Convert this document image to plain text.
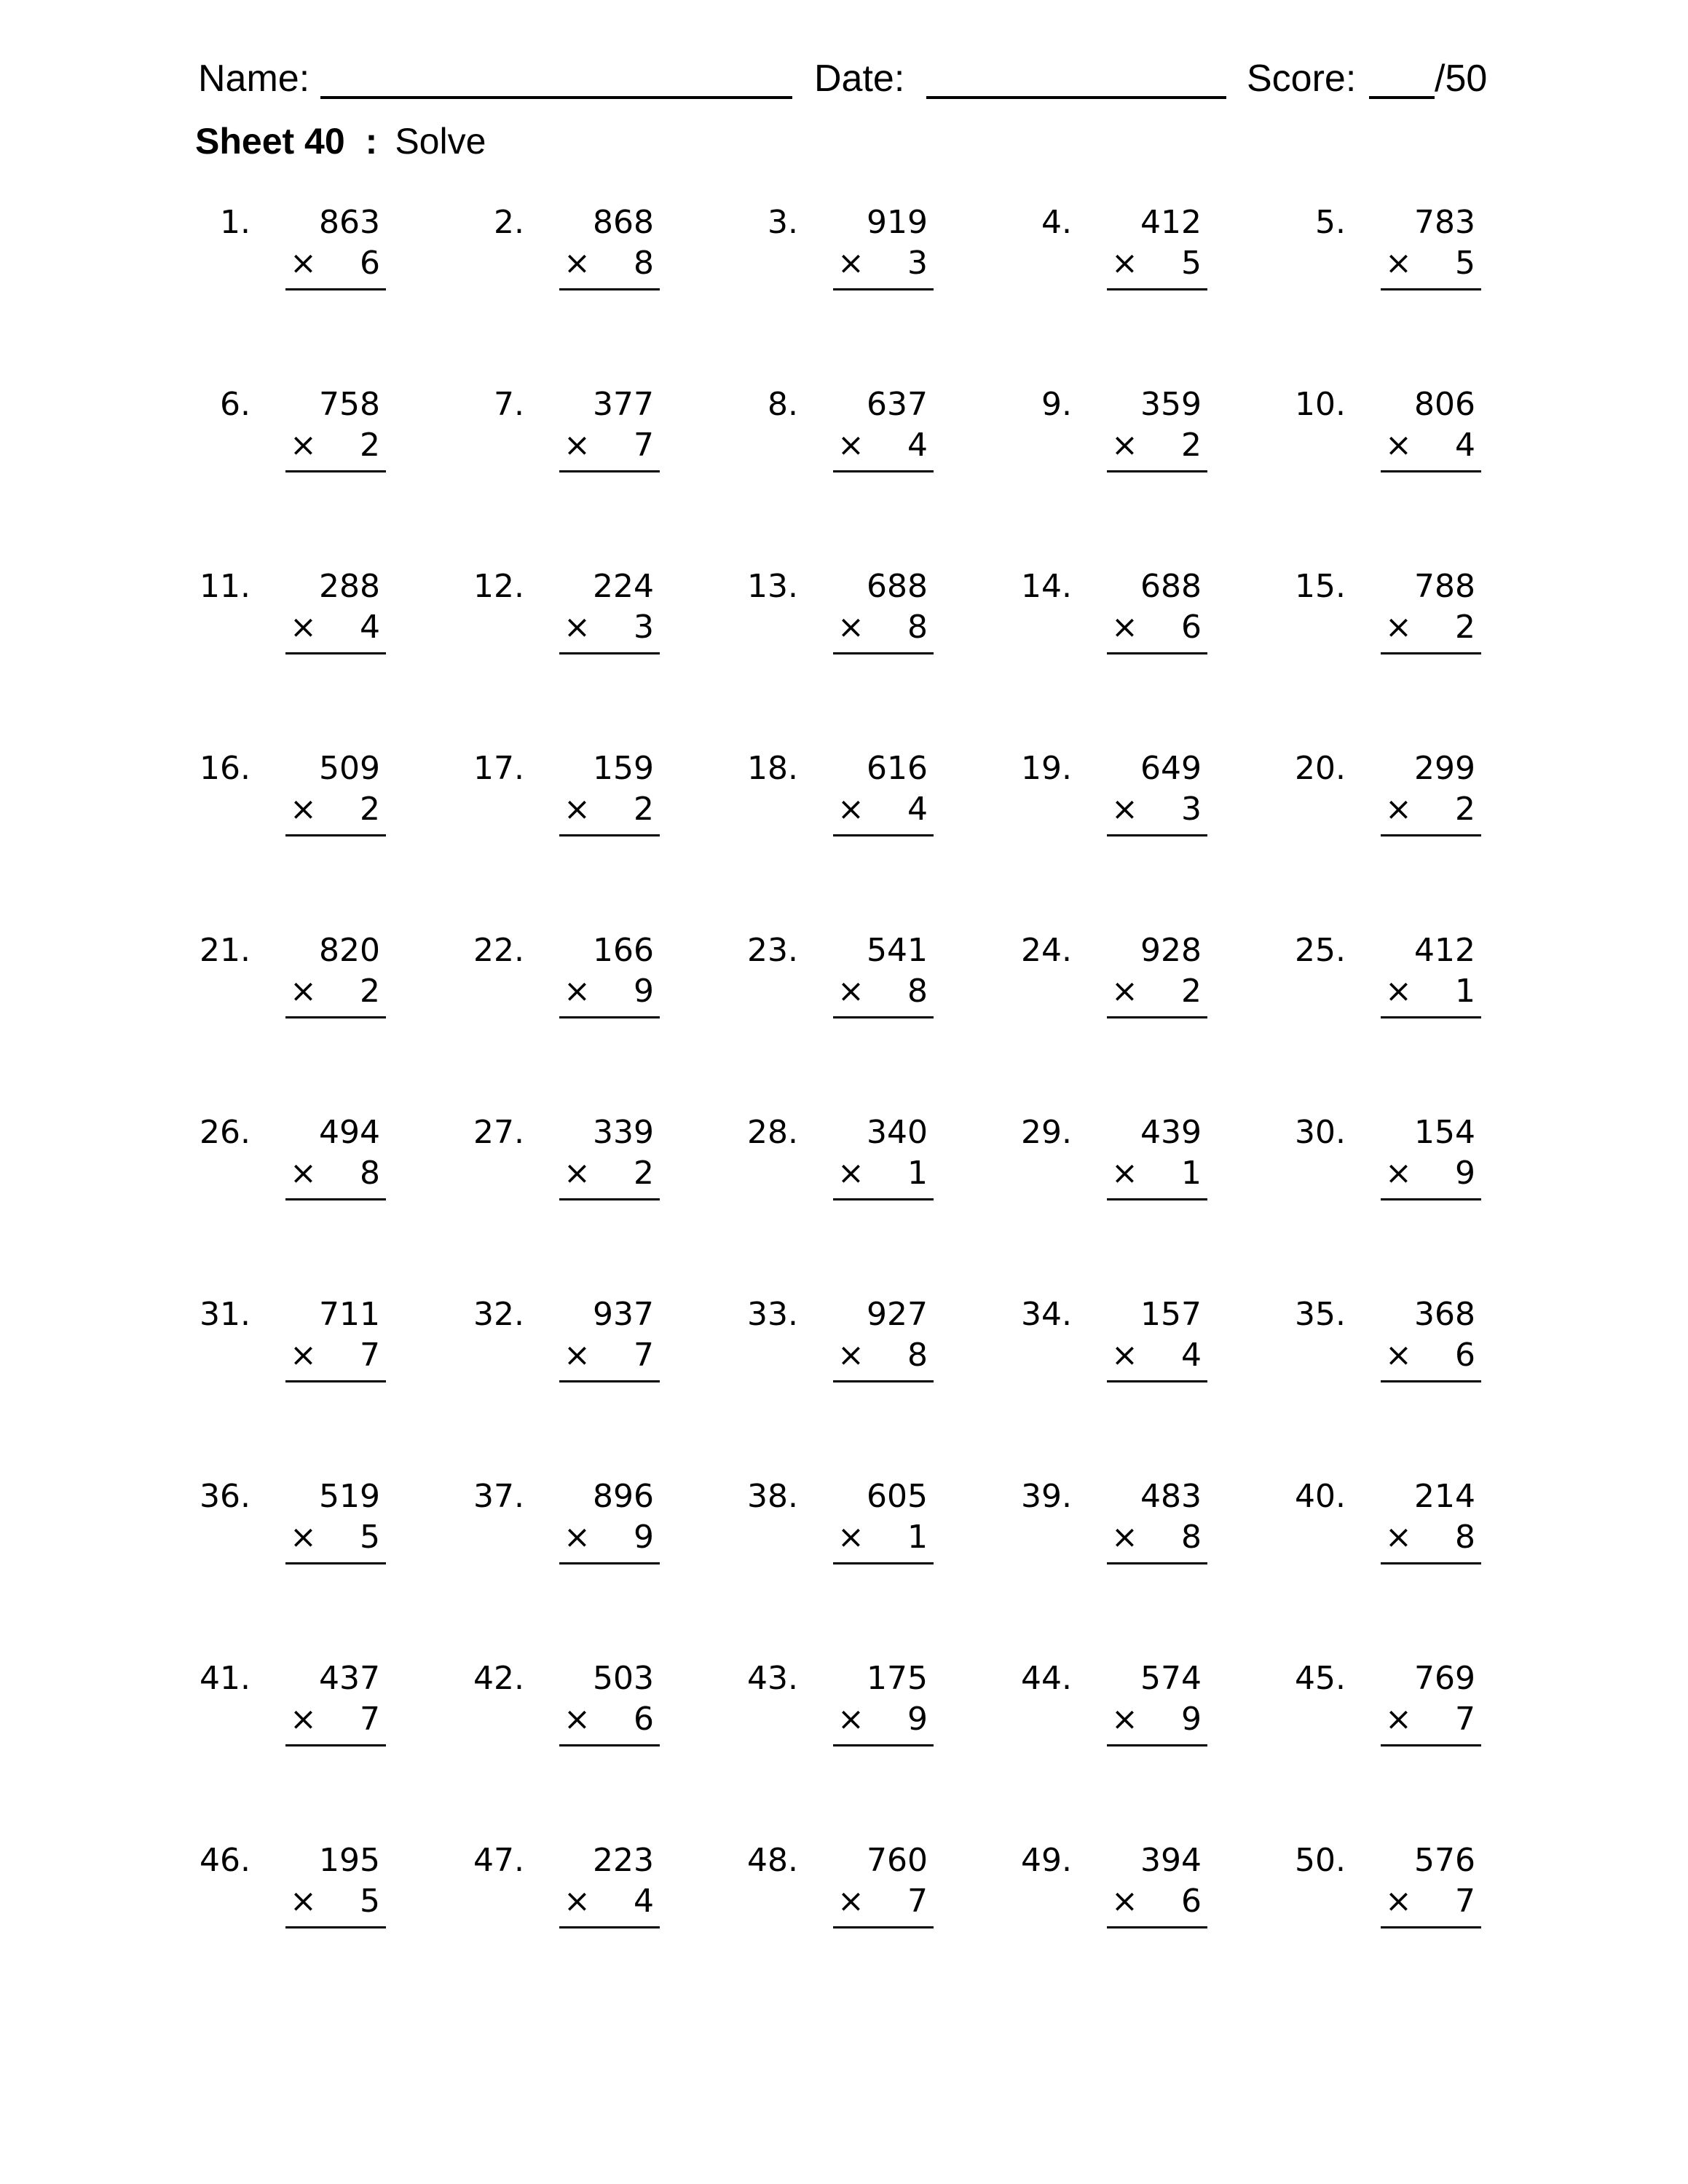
Name:	Date:	Score: /50
Sheet 40 : Solve
1.	863
×	6
2.	868
×	8
3.	919
×	3
4.	412
×	5
5.	783
×	5
6.	758
×	2
7.	377
×	7
8.	637
×	4
9.	359
×	2
10.	806
×	4
11.	288
×	4
12.	224
×	3
13.	688
×	8
14.	688
×	6
15.	788
×	2
16.	509
×	2
17.	159
×	2
18.	616
×	4
19.	649
×	3
20.	299
×	2
21.	820
×	2
22.	166
×	9
23.	541
×	8
24.	928
×	2
25.	412
×	1
26.	494
×	8
27.	339
×	2
28.	340
×	1
29.	439
×	1
30.	154
×	9
31.	711
×	7
32.	937
×	7
33.	927
×	8
34.	157
×	4
35.	368
×	6
36.	519
×	5
37.	896
×	9
38.	605
×	1
39.	483
×	8
40.	214
×	8
41.	437
×	7
42.	503
×	6
43.	175
×	9
44.	574
×	9
45.	769
×	7
46.	195
×	5
47.	223
×	4
48.	760
×	7
49.	394
×	6
50.	576
×	7
